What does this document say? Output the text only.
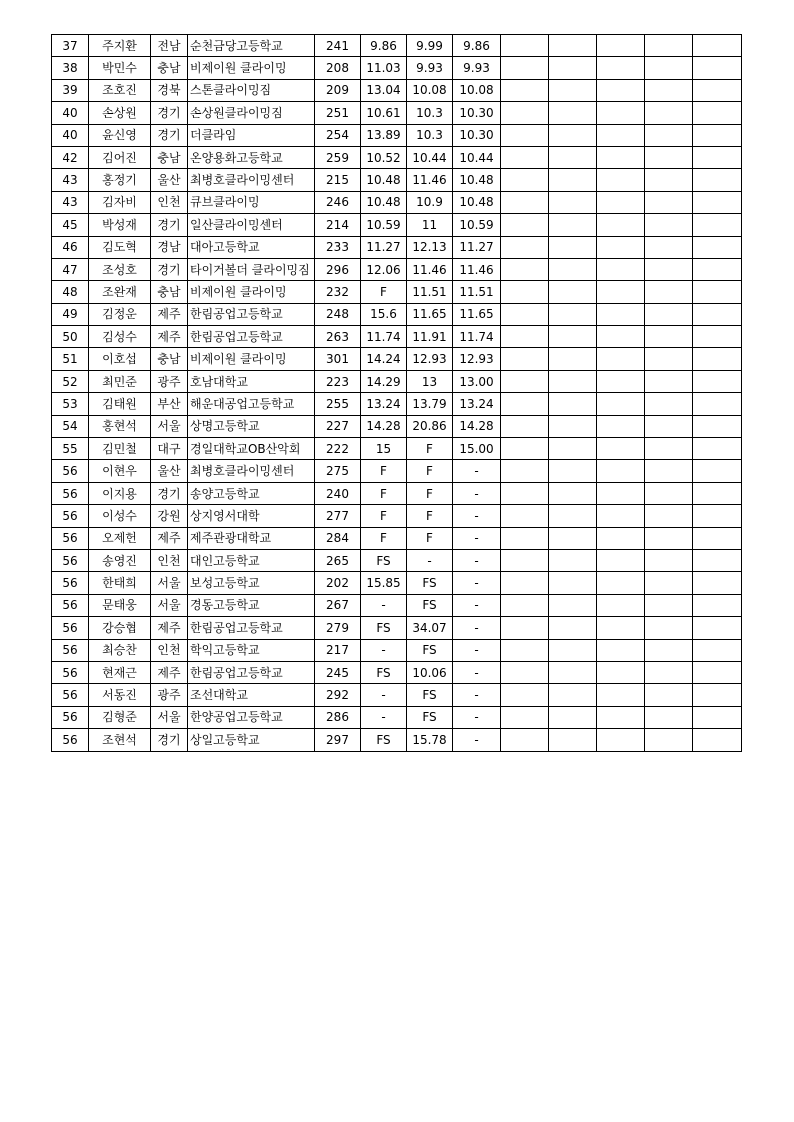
37	주지환	전남	순천금당고등학교	241	9.86	9.99	9.86					
38	박민수	충남	비제이원 클라이밍	208	11.03	9.93	9.93					
39	조호진	경북	스톤클라이밍짐	209	13.04	10.08	10.08					
40	손상원	경기	손상원클라이밍짐	251	10.61	10.3	10.30					
40	윤신영	경기	더클라임	254	13.89	10.3	10.30					
42	김어진	충남	온양용화고등학교	259	10.52	10.44	10.44					
43	홍정기	울산	최병호클라이밍센터	215	10.48	11.46	10.48					
43	김자비	인천	큐브클라이밍	246	10.48	10.9	10.48					
45	박성재	경기	일산클라이밍센터	214	10.59	11	10.59					
46	김도혁	경남	대아고등학교	233	11.27	12.13	11.27					
47	조성호	경기	타이거볼더 클라이밍짐	296	12.06	11.46	11.46					
48	조완재	충남	비제이원 클라이밍	232	F	11.51	11.51					
49	김정운	제주	한림공업고등학교	248	15.6	11.65	11.65					
50	김성수	제주	한림공업고등학교	263	11.74	11.91	11.74					
51	이호섭	충남	비제이원 클라이밍	301	14.24	12.93	12.93					
52	최민준	광주	호남대학교	223	14.29	13	13.00					
53	김태원	부산	해운대공업고등학교	255	13.24	13.79	13.24					
54	홍현석	서울	상명고등학교	227	14.28	20.86	14.28					
55	김민철	대구	경일대학교OB산악회	222	15	F	15.00					
56	이현우	울산	최병호클라이밍센터	275	F	F	-					
56	이지용	경기	송양고등학교	240	F	F	-					
56	이성수	강원	상지영서대학	277	F	F	-					
56	오제헌	제주	제주관광대학교	284	F	F	-					
56	송영진	인천	대인고등학교	265	FS	-	-					
56	한태희	서울	보성고등학교	202	15.85	FS	-					
56	문태웅	서울	경동고등학교	267	-	FS	-					
56	강승협	제주	한림공업고등학교	279	FS	34.07	-					
56	최승찬	인천	학익고등학교	217	-	FS	-					
56	현재근	제주	한림공업고등학교	245	FS	10.06	-					
56	서동진	광주	조선대학교	292	-	FS	-					
56	김형준	서울	한양공업고등학교	286	-	FS	-					
56	조현석	경기	상일고등학교	297	FS	15.78	-					
